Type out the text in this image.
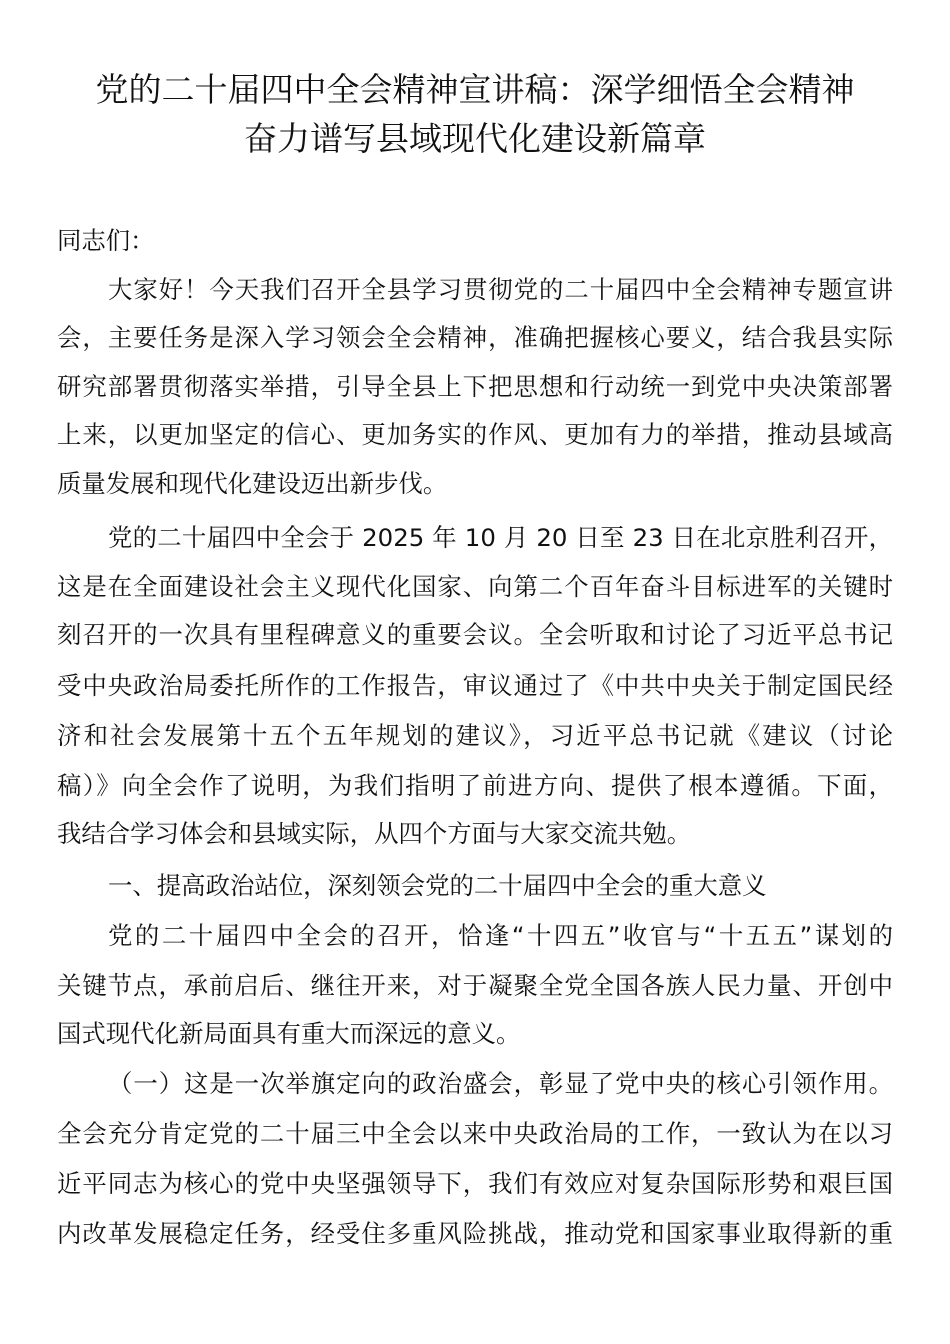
党的二十届四中全会精神宣讲稿：深学细悟全会精神
奋力谱写县域现代化建设新篇章
同志们：
大家好！今天我们召开全县学习贯彻党的二十届四中全会精神专题宣讲
会，主要任务是深入学习领会全会精神，准确把握核心要义，结合我县实际
研究部署贯彻落实举措，引导全县上下把思想和行动统一到党中央决策部署
上来，以更加坚定的信心、更加务实的作风、更加有力的举措，推动县域高
质量发展和现代化建设迈出新步伐。
党的二十届四中全会于 2025 年 10 月 20 日至 23 日在北京胜利召开，
这是在全面建设社会主义现代化国家、向第二个百年奋斗目标进军的关键时
刻召开的一次具有里程碑意义的重要会议。全会听取和讨论了习近平总书记
受中央政治局委托所作的工作报告，审议通过了《中共中央关于制定国民经
济和社会发展第十五个五年规划的建议》，习近平总书记就《建议（讨论
稿）》向全会作了说明，为我们指明了前进方向、提供了根本遵循。下面，
我结合学习体会和县域实际，从四个方面与大家交流共勉。
一、提高政治站位，深刻领会党的二十届四中全会的重大意义
党的二十届四中全会的召开，恰逢“十四五”收官与“十五五”谋划的
关键节点，承前启后、继往开来，对于凝聚全党全国各族人民力量、开创中
国式现代化新局面具有重大而深远的意义。
（一）这是一次举旗定向的政治盛会，彰显了党中央的核心引领作用。
全会充分肯定党的二十届三中全会以来中央政治局的工作，一致认为在以习
近平同志为核心的党中央坚强领导下，我们有效应对复杂国际形势和艰巨国
内改革发展稳定任务，经受住多重风险挑战，推动党和国家事业取得新的重
